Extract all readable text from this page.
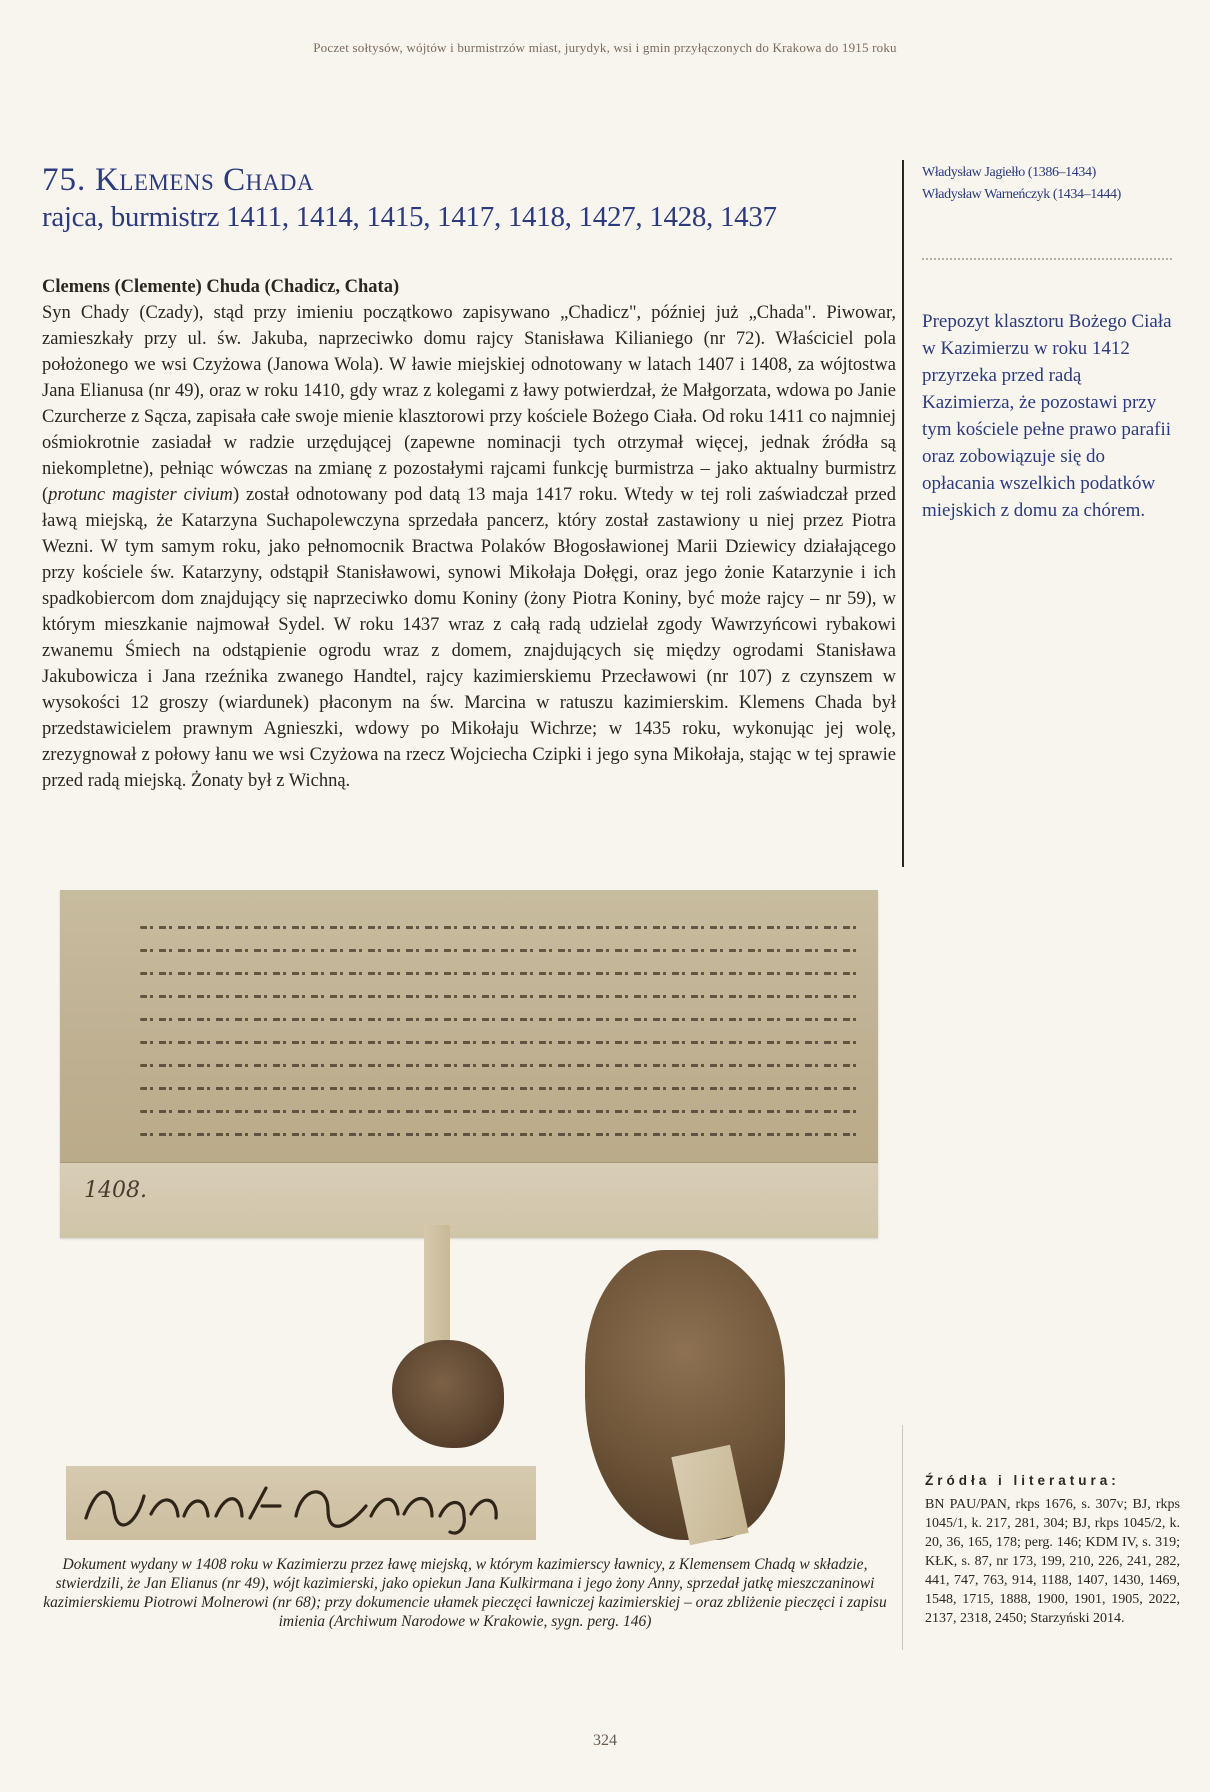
Poczet sołtysów, wójtów i burmistrzów miast, jurydyk, wsi i gmin przyłączonych do Krakowa do 1915 roku
75. Klemens Chada

rajca, burmistrz 1411, 1414, 1415, 1417, 1418, 1427, 1428, 1437

Władysław Jagiełło (1386–1434)
Władysław Warneńczyk (1434–1444)
Prepozyt klasztoru Bożego Ciała w Kazimierzu w roku 1412 przyrzeka przed radą Kazimierza, że pozostawi przy tym kościele pełne prawo parafii oraz zobowiązuje się do opłacania wszelkich podatków miejskich z domu za chórem.
Clemens (Clemente) Chuda (Chadicz, Chata)
Syn Chady (Czady), stąd przy imieniu początkowo zapisywano „Chadicz", później już „Chada". Piwowar, zamieszkały przy ul. św. Jakuba, naprzeciwko domu rajcy Stanisława Kilianiego (nr 72). Właściciel pola położonego we wsi Czyżowa (Janowa Wola). W ławie miejskiej odnotowany w latach 1407 i 1408, za wójtostwa Jana Elianusa (nr 49), oraz w roku 1410, gdy wraz z kolegami z ławy potwierdzał, że Małgorzata, wdowa po Janie Czurcherze z Sącza, zapisała całe swoje mienie klasztorowi przy kościele Bożego Ciała. Od roku 1411 co najmniej ośmiokrotnie zasiadał w radzie urzędującej (zapewne nominacji tych otrzymał więcej, jednak źródła są niekompletne), pełniąc wówczas na zmianę z pozostałymi rajcami funkcję burmistrza – jako aktualny burmistrz (protunc magister civium) został odnotowany pod datą 13 maja 1417 roku. Wtedy w tej roli zaświadczał przed ławą miejską, że Katarzyna Suchapolewczyna sprzedała pancerz, który został zastawiony u niej przez Piotra Wezni. W tym samym roku, jako pełnomocnik Bractwa Polaków Błogosławionej Marii Dziewicy działającego przy kościele św. Katarzyny, odstąpił Stanisławowi, synowi Mikołaja Dołęgi, oraz jego żonie Katarzynie i ich spadkobiercom dom znajdujący się naprzeciwko domu Koniny (żony Piotra Koniny, być może rajcy – nr 59), w którym mieszkanie najmował Sydel. W roku 1437 wraz z całą radą udzielał zgody Wawrzyńcowi rybakowi zwanemu Śmiech na odstąpienie ogrodu wraz z domem, znajdujących się między ogrodami Stanisława Jakubowicza i Jana rzeźnika zwanego Handtel, rajcy kazimierskiemu Przecławowi (nr 107) z czynszem w wysokości 12 groszy (wiardunek) płaconym na św. Marcina w ratuszu kazimierskim. Klemens Chada był przedstawicielem prawnym Agnieszki, wdowy po Mikołaju Wichrze; w 1435 roku, wykonując jej wolę, zrezygnował z połowy łanu we wsi Czyżowa na rzecz Wojciecha Czipki i jego syna Mikołaja, stając w tej sprawie przed radą miejską. Żonaty był z Wichną.
1408.
Dokument wydany w 1408 roku w Kazimierzu przez ławę miejską, w którym kazimierscy ławnicy, z Klemensem Chadą w składzie, stwierdzili, że Jan Elianus (nr 49), wójt kazimierski, jako opiekun Jana Kulkirmana i jego żony Anny, sprzedał jatkę mieszczaninowi kazimierskiemu Piotrowi Molnerowi (nr 68); przy dokumencie ułamek pieczęci ławniczej kazimierskiej – oraz zbliżenie pieczęci i zapisu imienia (Archiwum Narodowe w Krakowie, sygn. perg. 146)
Źródła i literatura:
BN PAU/PAN, rkps 1676, s. 307v; BJ, rkps 1045/1, k. 217, 281, 304; BJ, rkps 1045/2, k. 20, 36, 165, 178; perg. 146; KDM IV, s. 319; KŁK, s. 87, nr 173, 199, 210, 226, 241, 282, 441, 747, 763, 914, 1188, 1407, 1430, 1469, 1548, 1715, 1888, 1900, 1901, 1905, 2022, 2137, 2318, 2450; Starzyński 2014.
324
